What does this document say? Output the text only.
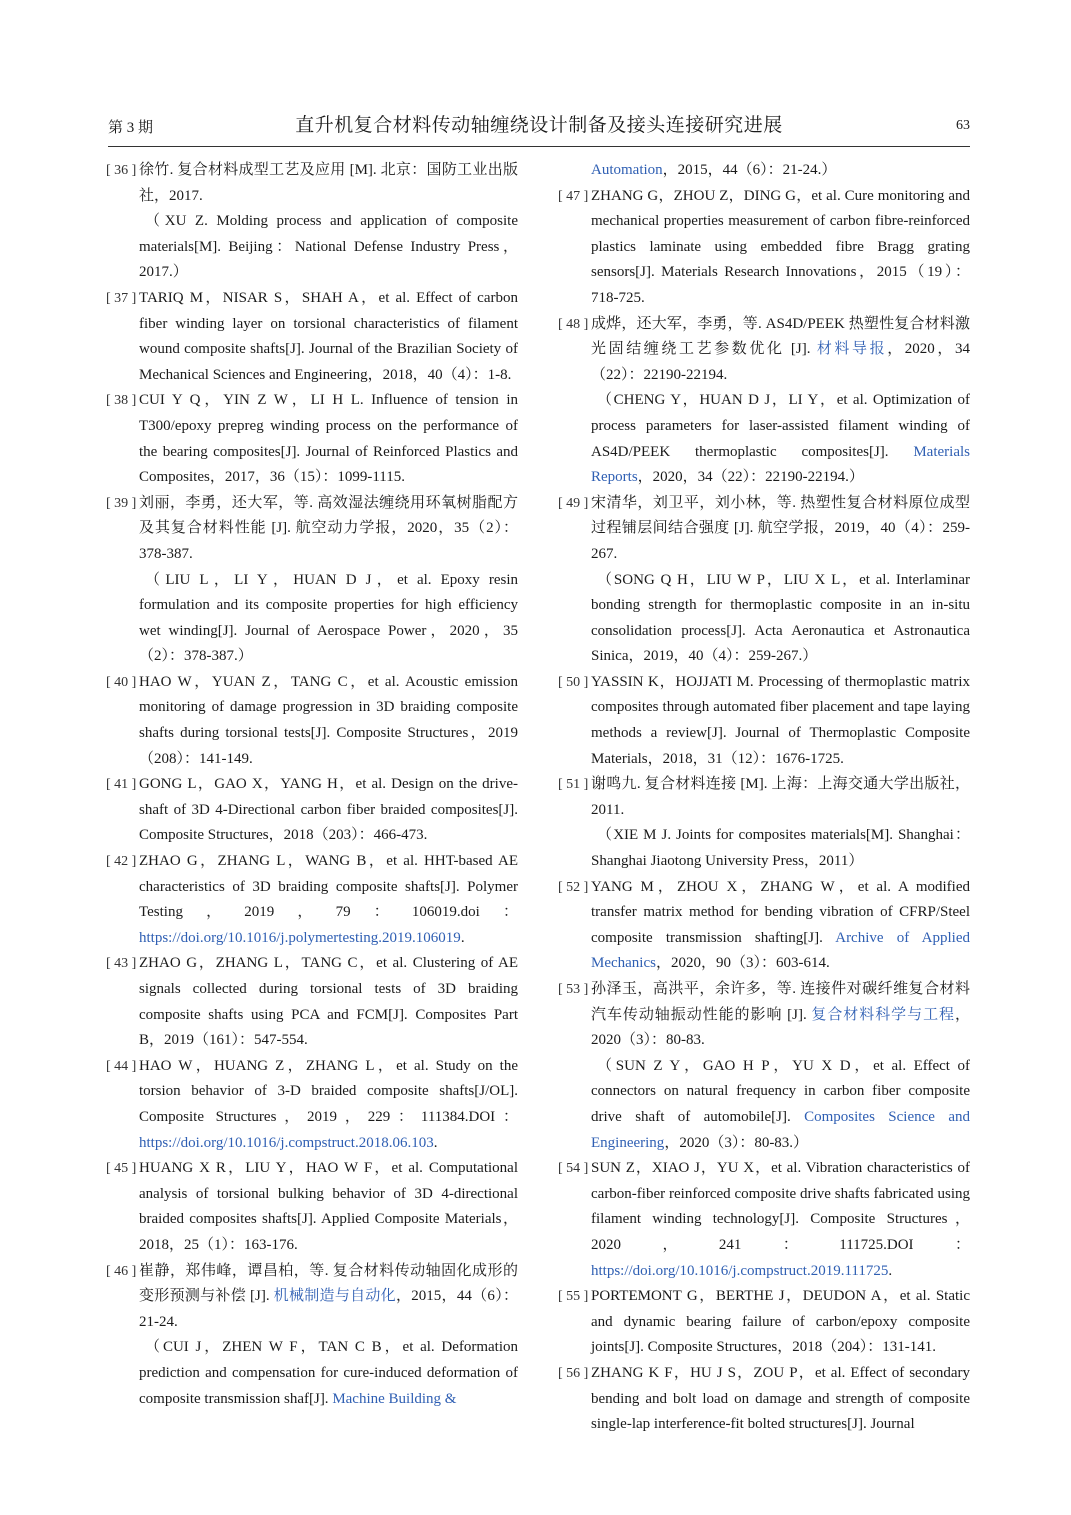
第 3 期	直升机复合材料传动轴缠绕设计制备及接头连接研究进展	63
[ 36 ] 徐竹. 复合材料成型工艺及应用 [M]. 北京：国防工业出版社，2017.
（XU Z. Molding process and application of composite materials[M]. Beijing：National Defense Industry Press，2017.）
[ 37 ] TARIQ M，NISAR S，SHAH A，et al. Effect of carbon fiber winding layer on torsional characteristics of filament wound composite shafts[J]. Journal of the Brazilian Society of Mechanical Sciences and Engineering，2018，40（4）：1-8.
[ 38 ] CUI Y Q，YIN Z W，LI H L. Influence of tension in T300/epoxy prepreg winding process on the performance of the bearing composites[J]. Journal of Reinforced Plastics and Composites，2017，36（15）：1099-1115.
[ 39 ] 刘丽，李勇，还大军，等. 高效湿法缠绕用环氧树脂配方及其复合材料性能 [J]. 航空动力学报，2020，35（2）：378-387.
（LIU L，LI Y，HUAN D J，et al. Epoxy resin formulation and its composite properties for high efficiency wet winding[J]. Journal of Aerospace Power，2020，35（2）：378-387.）
[ 40 ] HAO W，YUAN Z，TANG C，et al. Acoustic emission monitoring of damage progression in 3D braiding composite shafts during torsional tests[J]. Composite Structures，2019（208）：141-149.
[ 41 ] GONG L，GAO X，YANG H，et al. Design on the drive-shaft of 3D 4-Directional carbon fiber braided composites[J]. Composite Structures，2018（203）：466-473.
[ 42 ] ZHAO G，ZHANG L，WANG B，et al. HHT-based AE characteristics of 3D braiding composite shafts[J]. Polymer Testing，2019，79：106019.doi：https://doi.org/10.1016/j.polymertesting.2019.106019.
[ 43 ] ZHAO G，ZHANG L，TANG C，et al. Clustering of AE signals collected during torsional tests of 3D braiding composite shafts using PCA and FCM[J]. Composites Part B，2019（161）：547-554.
[ 44 ] HAO W，HUANG Z，ZHANG L，et al. Study on the torsion behavior of 3-D braided composite shafts[J/OL]. Composite Structures，2019，229：111384.DOI：https://doi.org/10.1016/j.compstruct.2018.06.103.
[ 45 ] HUANG X R，LIU Y，HAO W F，et al. Computational analysis of torsional bulking behavior of 3D 4-directional braided composites shafts[J]. Applied Composite Materials，2018，25（1）：163-176.
[ 46 ] 崔静，郑伟峰，谭昌柏，等. 复合材料传动轴固化成形的变形预测与补偿 [J]. 机械制造与自动化，2015，44（6）：21-24.
（CUI J，ZHEN W F，TAN C B，et al. Deformation prediction and compensation for cure-induced deformation of composite transmission shaf[J]. Machine Building &
Automation，2015，44（6）：21-24.）
[ 47 ] ZHANG G，ZHOU Z，DING G，et al. Cure monitoring and mechanical properties measurement of carbon fibre-reinforced plastics laminate using embedded fibre Bragg grating sensors[J]. Materials Research Innovations，2015（19）：718-725.
[ 48 ] 成烨，还大军，李勇，等. AS4D/PEEK 热塑性复合材料激光固结缠绕工艺参数优化 [J]. 材料导报，2020，34（22）：22190-22194.
（CHENG Y，HUAN D J，LI Y，et al. Optimization of process parameters for laser-assisted filament winding of AS4D/PEEK thermoplastic composites[J]. Materials Reports，2020，34（22）：22190-22194.）
[ 49 ] 宋清华，刘卫平，刘小林，等. 热塑性复合材料原位成型过程铺层间结合强度 [J]. 航空学报，2019，40（4）：259-267.
（SONG Q H，LIU W P，LIU X L，et al. Interlaminar bonding strength for thermoplastic composite in an in-situ consolidation process[J]. Acta Aeronautica et Astronautica Sinica，2019，40（4）：259-267.）
[ 50 ] YASSIN K，HOJJATI M. Processing of thermoplastic matrix composites through automated fiber placement and tape laying methods a review[J]. Journal of Thermoplastic Composite Materials，2018，31（12）：1676-1725.
[ 51 ] 谢鸣九. 复合材料连接 [M]. 上海：上海交通大学出版社，2011.
（XIE M J. Joints for composites materials[M]. Shanghai：Shanghai Jiaotong University Press，2011）
[ 52 ] YANG M，ZHOU X，ZHANG W，et al. A modified transfer matrix method for bending vibration of CFRP/Steel composite transmission shafting[J]. Archive of Applied Mechanics，2020，90（3）：603-614.
[ 53 ] 孙泽玉，高洪平，余许多，等. 连接件对碳纤维复合材料汽车传动轴振动性能的影响 [J]. 复合材料科学与工程，2020（3）：80-83.
（SUN Z Y，GAO H P，YU X D，et al. Effect of connectors on natural frequency in carbon fiber composite drive shaft of automobile[J]. Composites Science and Engineering，2020（3）：80-83.）
[ 54 ] SUN Z，XIAO J，YU X，et al. Vibration characteristics of carbon-fiber reinforced composite drive shafts fabricated using filament winding technology[J]. Composite Structures，2020，241：111725.DOI：https://doi.org/10.1016/j.compstruct.2019.111725.
[ 55 ] PORTEMONT G，BERTHE J，DEUDON A，et al. Static and dynamic bearing failure of carbon/epoxy composite joints[J]. Composite Structures，2018（204）：131-141.
[ 56 ] ZHANG K F，HU J S，ZOU P，et al. Effect of secondary bending and bolt load on damage and strength of composite single-lap interference-fit bolted structures[J]. Journal
